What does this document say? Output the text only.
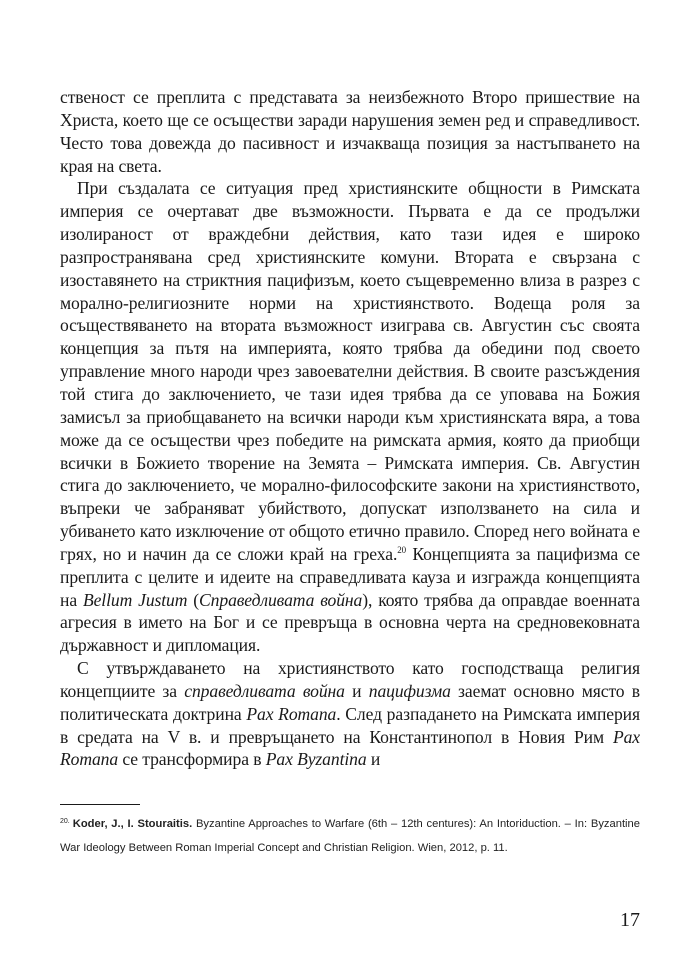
ственост се преплита с представата за неизбежното Второ пришествие на Христа, което ще се осъществи заради нарушения земен ред и справедливост. Често това довежда до пасивност и изчакваща позиция за настъпването на края на света.

При създалата се ситуация пред християнските общности в Римската империя се очертават две възможности. Първата е да се продължи изолираност от враждебни действия, като тази идея е широко разпространявана сред християнските комуни. Втората е свързана с изоставянето на стриктния пацифизъм, което същевременно влиза в разрез с морално-религиозните норми на християнството. Водеща роля за осъществяването на втората възможност изиграва св. Августин със своята концепция за пътя на империята, която трябва да обедини под своето управление много народи чрез завоевателни действия. В своите разсъждения той стига до заключението, че тази идея трябва да се уповава на Божия замисъл за приобщаването на всички народи към християнската вяра, а това може да се осъществи чрез победите на римската армия, която да приобщи всички в Божието творение на Земята – Римската империя. Св. Августин стига до заключението, че морално-философските закони на християнството, въпреки че забраняват убийството, допускат използването на сила и убиването като изключение от общото етично правило. Според него войната е грях, но и начин да се сложи край на греха.$^{20}$ Концепцията за пацифизма се преплита с целите и идеите на справедливата кауза и изгражда концепцията на Bellum Justum (Справедливата война), която трябва да оправдае военната агресия в името на Бог и се превръща в основна черта на средновековната държавност и дипломация.

С утвърждаването на християнството като господстваща религия концепциите за справедливата война и пацифизма заемат основно място в политическата доктрина Pax Romana. След разпадането на Римската империя в средата на V в. и превръщането на Константинопол в Новия Рим Pax Romana се трансформира в Pax Byzantina и

$^{20.}$ Koder, J., I. Stouraitis. Byzantine Approaches to Warfare (6th – 12th centures): An Intoriduction. – In: Byzantine War Ideology Between Roman Imperial Concept and Christian Religion. Wien, 2012, p. 11.

17
